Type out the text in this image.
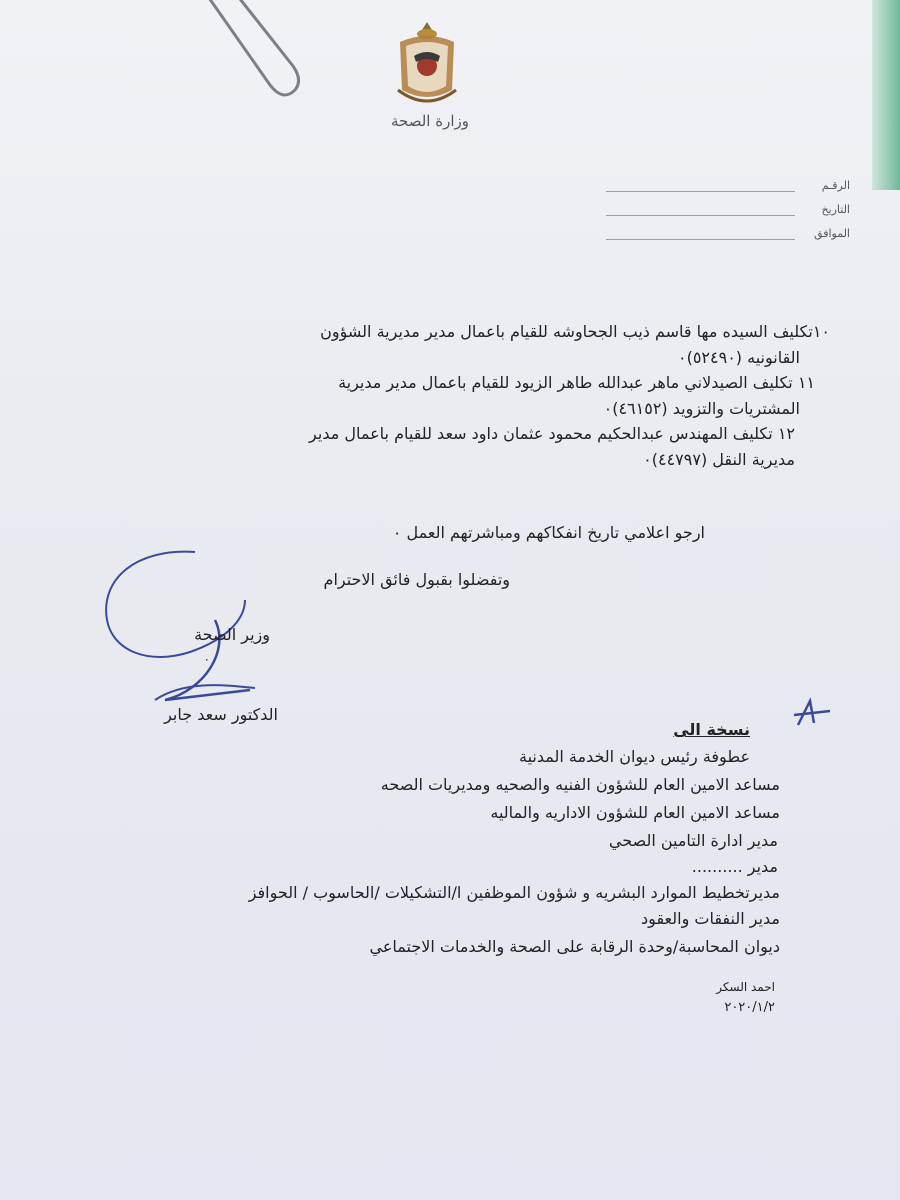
وزارة الصحة
الرقـم
التاريخ
الموافق
١٠تكليف السيده مها قاسم ذيب الجحاوشه للقيام باعمال مدير مديرية الشؤون
القانونيه (٥٢٤٩٠)٠
١١ تكليف الصيدلاني ماهر عبدالله طاهر الزيود للقيام باعمال مدير مديرية
المشتريات والتزويد (٤٦١٥٢)٠
١٢ تكليف المهندس عبدالحكيم محمود عثمان داود سعد للقيام باعمال مدير
مديرية النقل (٤٤٧٩٧)٠
ارجو اعلامي تاريخ انفكاكهم ومباشرتهم العمل ٠
وتفضلوا بقبول فائق الاحترام
وزير الصحة
٠
الدكتور سعد جابر
نسخة الى
عطوفة رئيس ديوان الخدمة المدنية
مساعد الامين العام للشؤون الفنيه والصحيه ومديريات الصحه
مساعد الامين العام للشؤون الاداريه والماليه
مدير ادارة التامين الصحي
مدير ..........
مديرتخطيط الموارد البشريه و شؤون الموظفين ا/التشكيلات /الحاسوب / الحوافز
مدير النفقات والعقود
ديوان المحاسبة/وحدة الرقابة على الصحة والخدمات الاجتماعي
احمد السكر
٢٠٢٠/١/٢
